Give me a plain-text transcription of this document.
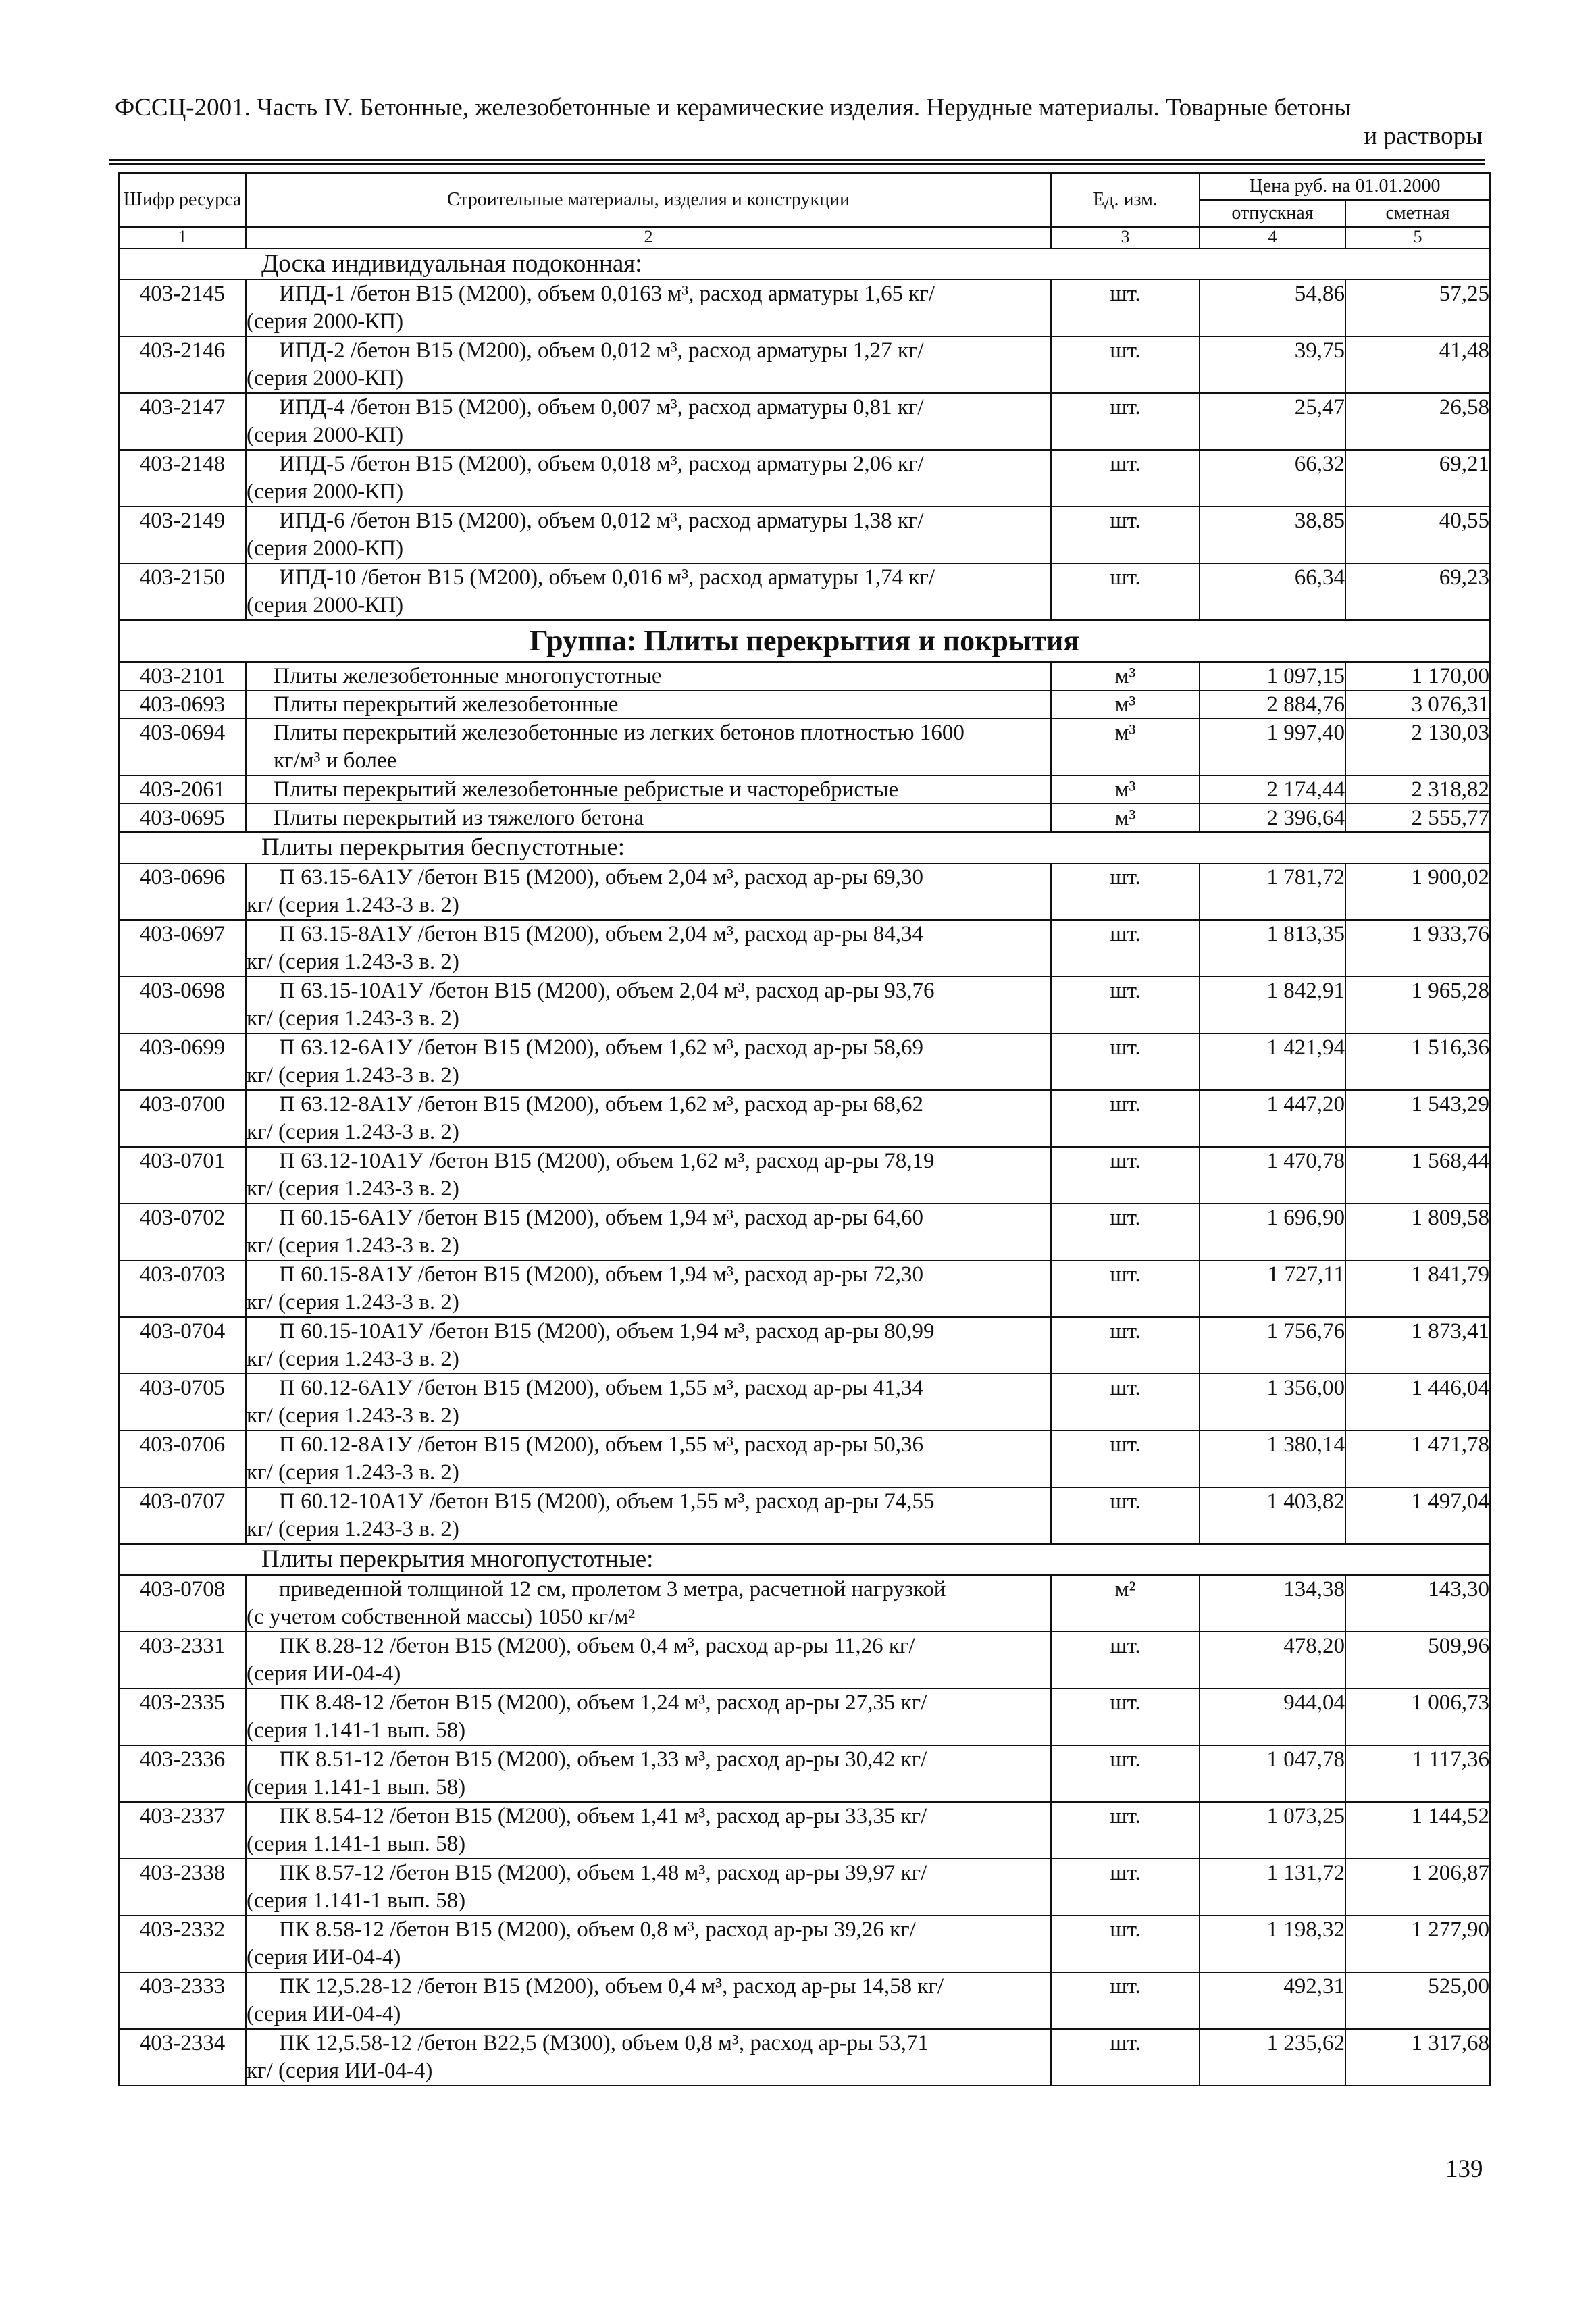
ФССЦ-2001. Часть IV. Бетонные, железобетонные и керамические изделия. Нерудные материалы. Товарные бетоны
и растворы
Шифр ресурса	Строительные материалы, изделия и конструкции	Ед. изм.	Цена руб. на 01.01.2000	
			отпускная	сметная
1	2	3	4	5
Доска индивидуальная подоконная:				
403-2145	ИПД-1 /бетон В15 (М200), объем 0,0163 м³, расход арматуры 1,65 кг/
(серия 2000-КП)	шт.	54,86	57,25
403-2146	ИПД-2 /бетон В15 (М200), объем 0,012 м³, расход арматуры 1,27 кг/
(серия 2000-КП)	шт.	39,75	41,48
403-2147	ИПД-4 /бетон В15 (М200), объем 0,007 м³, расход арматуры 0,81 кг/
(серия 2000-КП)	шт.	25,47	26,58
403-2148	ИПД-5 /бетон В15 (М200), объем 0,018 м³, расход арматуры 2,06 кг/
(серия 2000-КП)	шт.	66,32	69,21
403-2149	ИПД-6 /бетон В15 (М200), объем 0,012 м³, расход арматуры 1,38 кг/
(серия 2000-КП)	шт.	38,85	40,55
403-2150	ИПД-10 /бетон В15 (М200), объем 0,016 м³, расход арматуры 1,74 кг/
(серия 2000-КП)	шт.	66,34	69,23
Группа: Плиты перекрытия и покрытия				
403-2101	Плиты железобетонные многопустотные	м³	1 097,15	1 170,00
403-0693	Плиты перекрытий железобетонные	м³	2 884,76	3 076,31
403-0694	Плиты перекрытий железобетонные из легких бетонов плотностью 1600
кг/м³ и более	м³	1 997,40	2 130,03
403-2061	Плиты перекрытий железобетонные ребристые и часторебристые	м³	2 174,44	2 318,82
403-0695	Плиты перекрытий из тяжелого бетона	м³	2 396,64	2 555,77
Плиты перекрытия беспустотные:				
403-0696	П 63.15-6А1У /бетон В15 (М200), объем 2,04 м³, расход ар-ры 69,30
кг/ (серия 1.243-3 в. 2)	шт.	1 781,72	1 900,02
403-0697	П 63.15-8А1У /бетон В15 (М200), объем 2,04 м³, расход ар-ры 84,34
кг/ (серия 1.243-3 в. 2)	шт.	1 813,35	1 933,76
403-0698	П 63.15-10А1У /бетон В15 (М200), объем 2,04 м³, расход ар-ры 93,76
кг/ (серия 1.243-3 в. 2)	шт.	1 842,91	1 965,28
403-0699	П 63.12-6А1У /бетон В15 (М200), объем 1,62 м³, расход ар-ры 58,69
кг/ (серия 1.243-3 в. 2)	шт.	1 421,94	1 516,36
403-0700	П 63.12-8А1У /бетон В15 (М200), объем 1,62 м³, расход ар-ры 68,62
кг/ (серия 1.243-3 в. 2)	шт.	1 447,20	1 543,29
403-0701	П 63.12-10А1У /бетон В15 (М200), объем 1,62 м³, расход ар-ры 78,19
кг/ (серия 1.243-3 в. 2)	шт.	1 470,78	1 568,44
403-0702	П 60.15-6А1У /бетон В15 (М200), объем 1,94 м³, расход ар-ры 64,60
кг/ (серия 1.243-3 в. 2)	шт.	1 696,90	1 809,58
403-0703	П 60.15-8А1У /бетон В15 (М200), объем 1,94 м³, расход ар-ры 72,30
кг/ (серия 1.243-3 в. 2)	шт.	1 727,11	1 841,79
403-0704	П 60.15-10А1У /бетон В15 (М200), объем 1,94 м³, расход ар-ры 80,99
кг/ (серия 1.243-3 в. 2)	шт.	1 756,76	1 873,41
403-0705	П 60.12-6А1У /бетон В15 (М200), объем 1,55 м³, расход ар-ры 41,34
кг/ (серия 1.243-3 в. 2)	шт.	1 356,00	1 446,04
403-0706	П 60.12-8А1У /бетон В15 (М200), объем 1,55 м³, расход ар-ры 50,36
кг/ (серия 1.243-3 в. 2)	шт.	1 380,14	1 471,78
403-0707	П 60.12-10А1У /бетон В15 (М200), объем 1,55 м³, расход ар-ры 74,55
кг/ (серия 1.243-3 в. 2)	шт.	1 403,82	1 497,04
Плиты перекрытия многопустотные:				
403-0708	приведенной толщиной 12 см, пролетом 3 метра, расчетной нагрузкой
(с учетом собственной массы) 1050 кг/м²	м²	134,38	143,30
403-2331	ПК 8.28-12 /бетон В15 (М200), объем 0,4 м³, расход ар-ры 11,26 кг/
(серия ИИ-04-4)	шт.	478,20	509,96
403-2335	ПК 8.48-12 /бетон В15 (М200), объем 1,24 м³, расход ар-ры 27,35 кг/
(серия 1.141-1 вып. 58)	шт.	944,04	1 006,73
403-2336	ПК 8.51-12 /бетон В15 (М200), объем 1,33 м³, расход ар-ры 30,42 кг/
(серия 1.141-1 вып. 58)	шт.	1 047,78	1 117,36
403-2337	ПК 8.54-12 /бетон В15 (М200), объем 1,41 м³, расход ар-ры 33,35 кг/
(серия 1.141-1 вып. 58)	шт.	1 073,25	1 144,52
403-2338	ПК 8.57-12 /бетон В15 (М200), объем 1,48 м³, расход ар-ры 39,97 кг/
(серия 1.141-1 вып. 58)	шт.	1 131,72	1 206,87
403-2332	ПК 8.58-12 /бетон В15 (М200), объем 0,8 м³, расход ар-ры 39,26 кг/
(серия ИИ-04-4)	шт.	1 198,32	1 277,90
403-2333	ПК 12,5.28-12 /бетон В15 (М200), объем 0,4 м³, расход ар-ры 14,58 кг/
(серия ИИ-04-4)	шт.	492,31	525,00
403-2334	ПК 12,5.58-12 /бетон В22,5 (М300), объем 0,8 м³, расход ар-ры 53,71
кг/ (серия ИИ-04-4)	шт.	1 235,62	1 317,68
139
